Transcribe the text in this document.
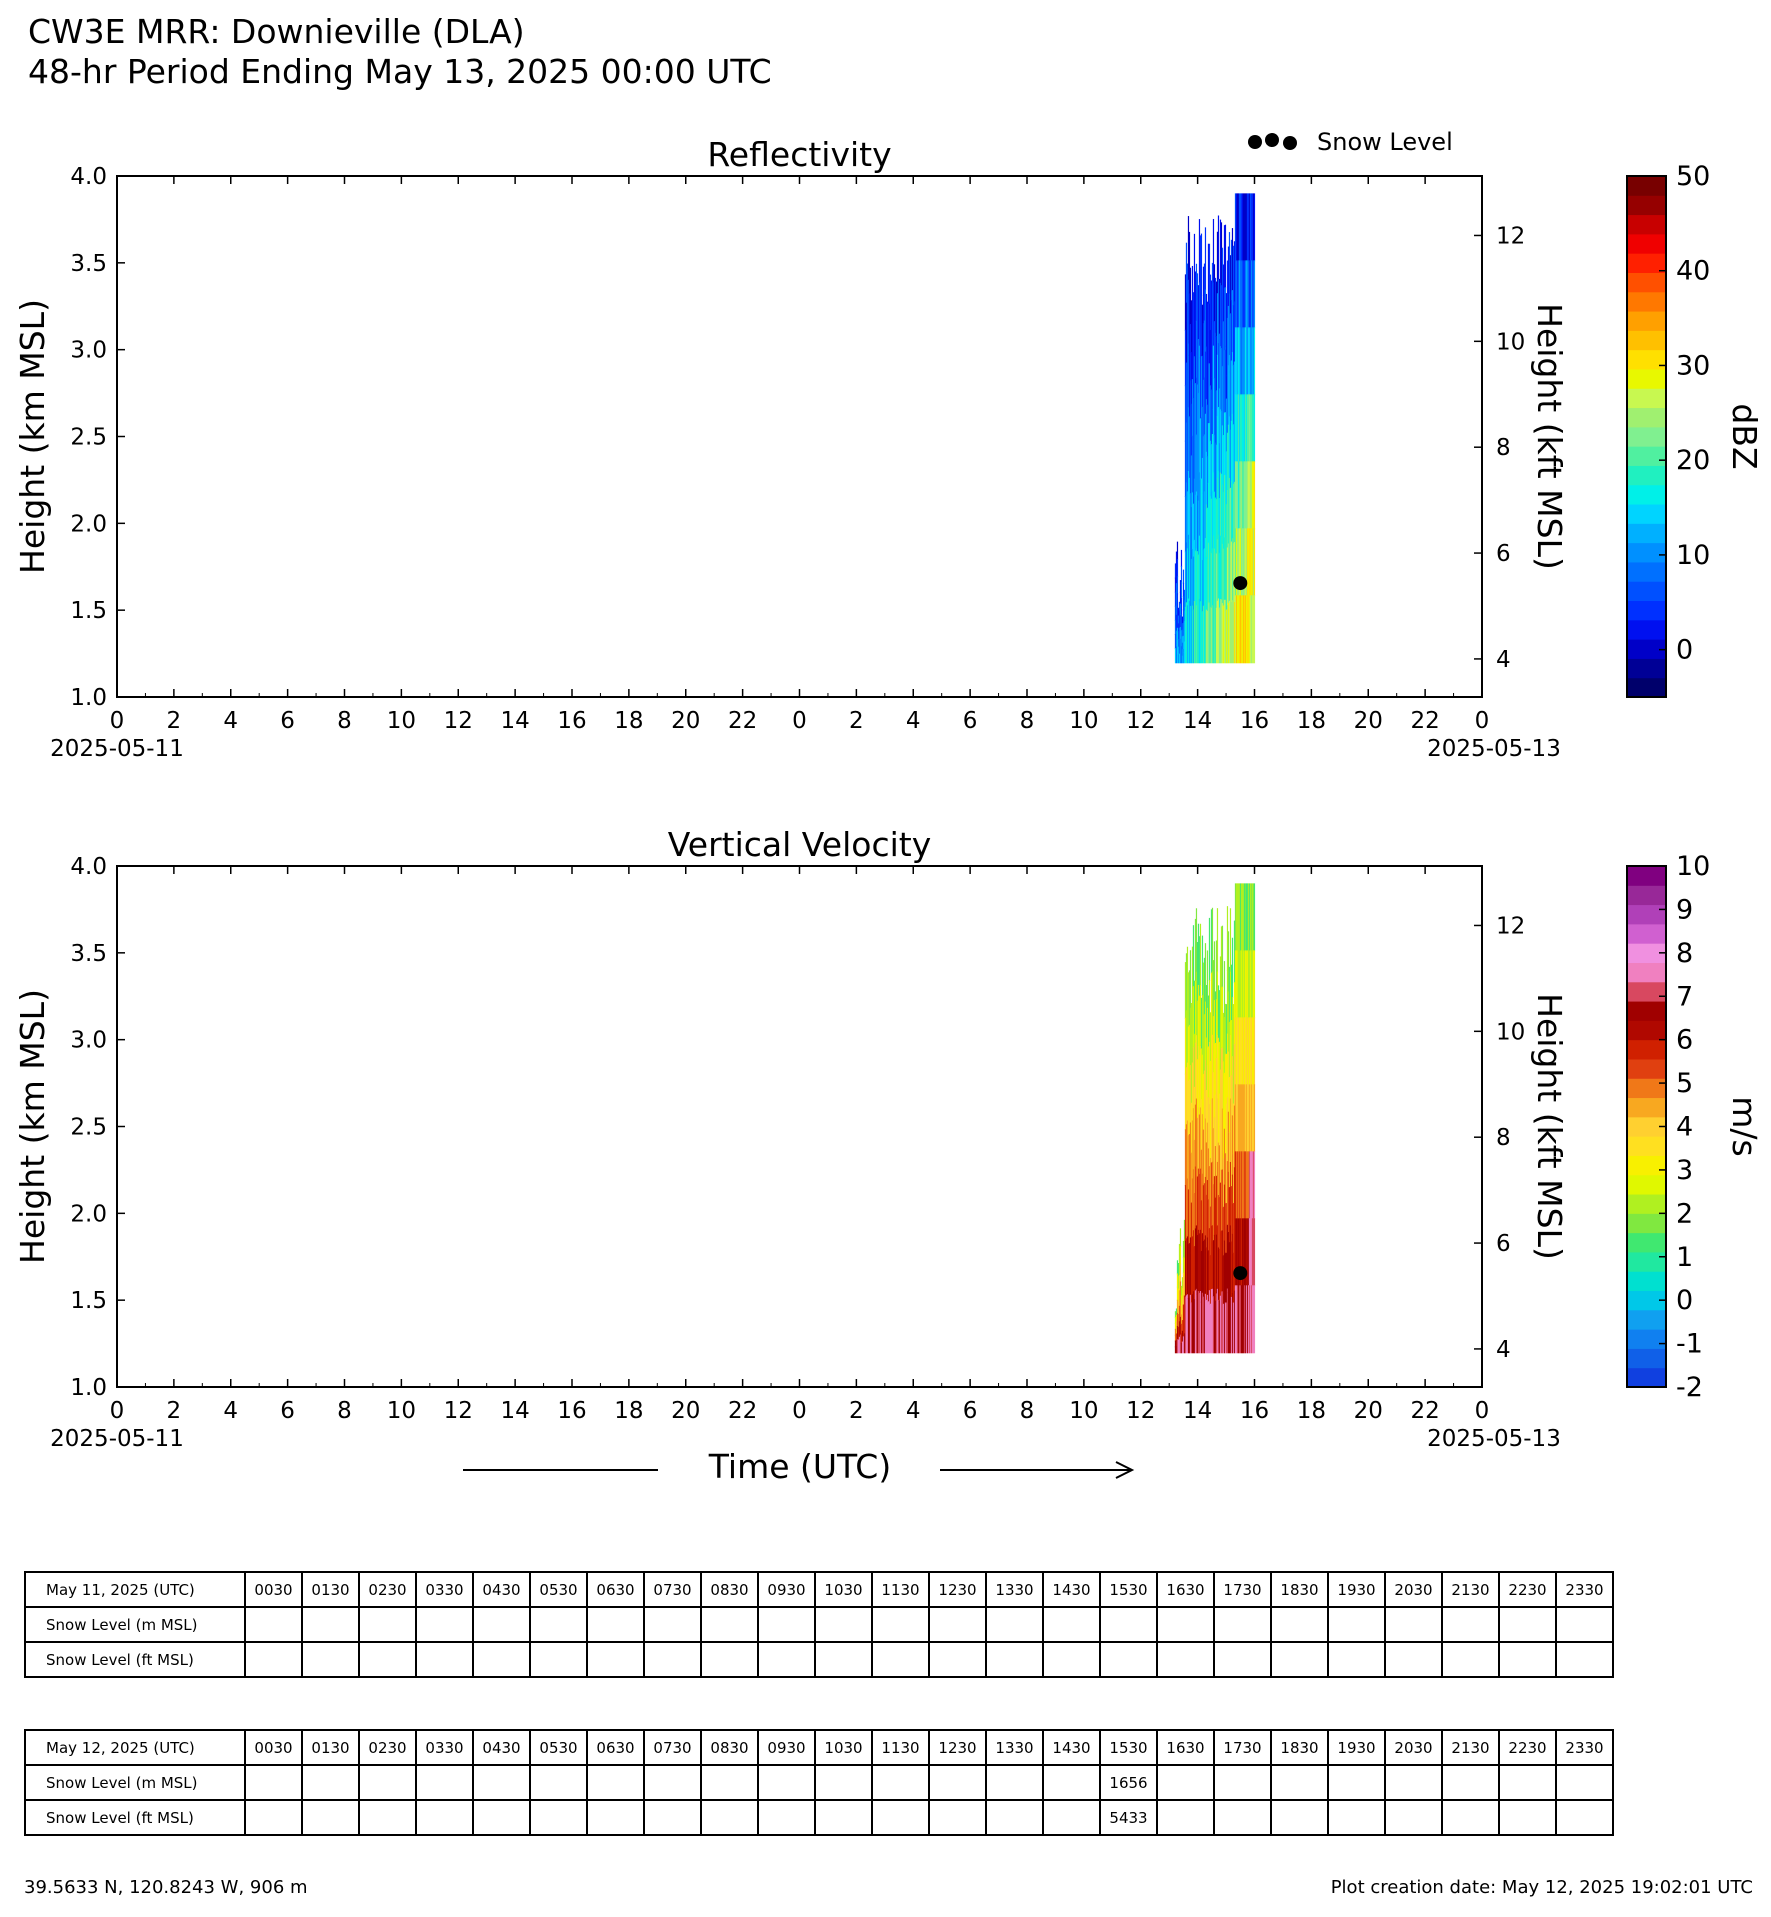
CW3E MRR: Downieville (DLA)
48-hr Period Ending May 13, 2025 00:00 UTC
Reflectivity
0 2 4 6 8 10 12 14 16 18 20 22 0 2 4 6 8 10 12 14 16 18 20 22 0
2025-05-11	2025-05-13
1.0
1.5
2.0
2.5
3.0
3.5
4.0
Height (km MSL)
4
6
8
10
12
Height (kft MSL)
0
10
20
30
40
50
dBZ
Snow Level
Vertical Velocity
0 2 4 6 8 10 12 14 16 18 20 22 0 2 4 6 8 10 12 14 16 18 20 22 0
2025-05-11	2025-05-13
1.0
1.5
2.0
2.5
3.0
3.5
4.0
Height (km MSL)
4
6
8
10
12
Height (kft MSL)
-2
-1
0
1
2
3
4
5
6
7
8
9
10
m/s
Time (UTC)
May 11, 2025 (UTC)	0030	0130	0230	0330	0430	0530	0630	0730	0830	0930	1030	1130	1230	1330	1430	1530	1630	1730	1830	1930	2030	2130	2230	2330
Snow Level (m MSL)																								
Snow Level (ft MSL)																								
May 12, 2025 (UTC)	0030	0130	0230	0330	0430	0530	0630	0730	0830	0930	1030	1130	1230	1330	1430	1530	1630	1730	1830	1930	2030	2130	2230	2330
Snow Level (m MSL)																1656								
Snow Level (ft MSL)																5433								
39.5633 N, 120.8243 W, 906 m	Plot creation date: May 12, 2025 19:02:01 UTC
